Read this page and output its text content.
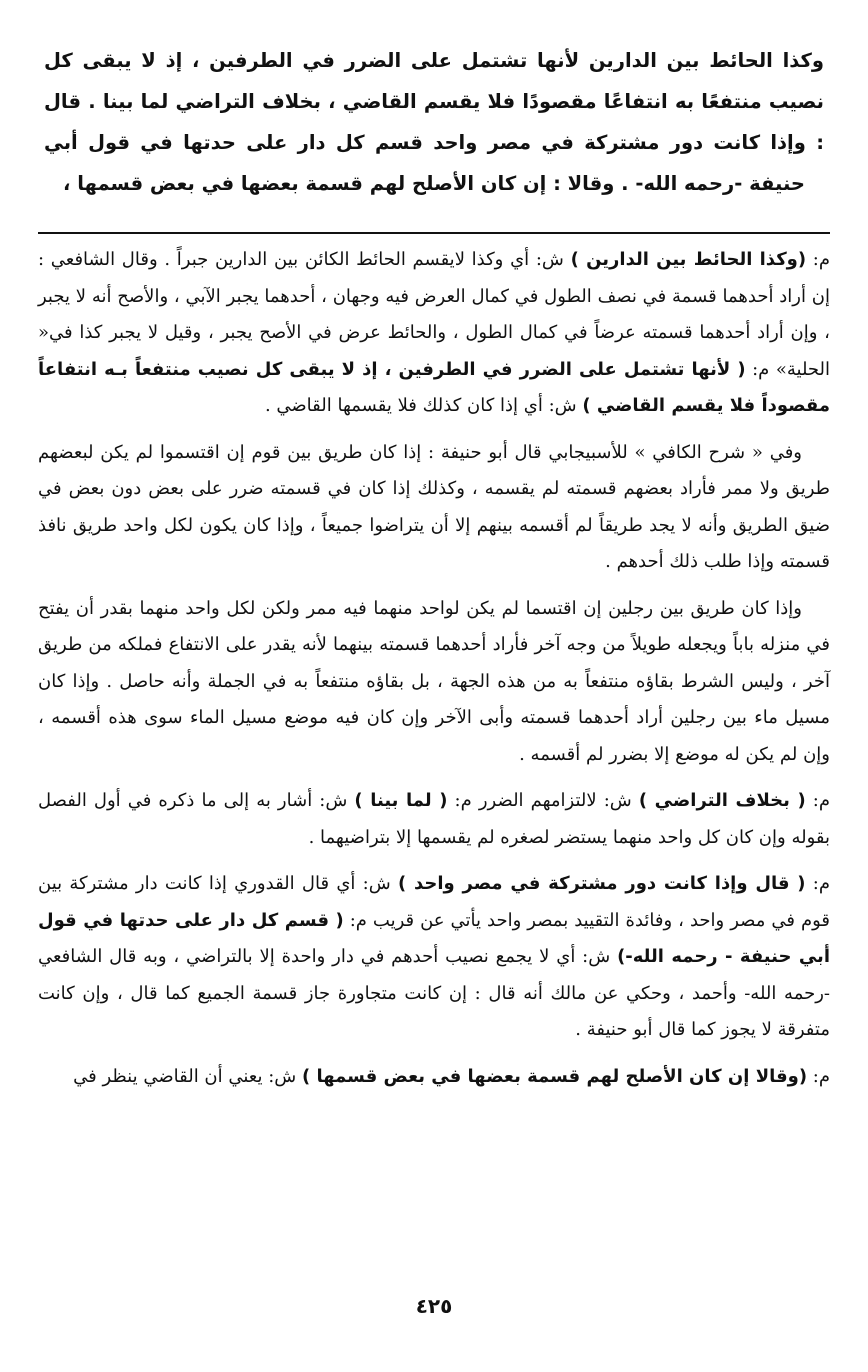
وكذا الحائط بين الدارين لأنها تشتمل على الضرر في الطرفين ، إذ لا يبقى كل نصيب منتفعًا به انتفاعًا مقصودًا فلا يقسم القاضي ، بخلاف التراضي لما بينا . قال : وإذا كانت دور مشتركة في مصر واحد قسم كل دار على حدتها في قول أبي حنيفة -رحمه الله- . وقالا : إن كان الأصلح لهم قسمة بعضها في بعض قسمها ،

م: (وكذا الحائط بين الدارين ) ش: أي وكذا لايقسم الحائط الكائن بين الدارين جبراً . وقال الشافعي : إن أراد أحدهما قسمة في نصف الطول في كمال العرض فيه وجهان ، أحدهما يجبر الآبي ، والأصح أنه لا يجبر ، وإن أراد أحدهما قسمته عرضاً في كمال الطول ، والحائط عرض في الأصح يجبر ، وقيل لا يجبر كذا في« الحلية» م: ( لأنها تشتمل على الضرر في الطرفين ، إذ لا يبقى كل نصيب منتفعاً بـه انتفاعاً مقصوداً فلا يقسم القاضي ) ش: أي إذا كان كذلك فلا يقسمها القاضي .

وفي « شرح الكافي » للأسبيجابي قال أبو حنيفة : إذا كان طريق بين قوم إن اقتسموا لم يكن لبعضهم طريق ولا ممر فأراد بعضهم قسمته لم يقسمه ، وكذلك إذا كان في قسمته ضرر على بعض دون بعض في ضيق الطريق وأنه لا يجد طريقاً لم أقسمه بينهم إلا أن يتراضوا جميعاً ، وإذا كان يكون لكل واحد طريق نافذ قسمته وإذا طلب ذلك أحدهم .

وإذا كان طريق بين رجلين إن اقتسما لم يكن لواحد منهما فيه ممر ولكن لكل واحد منهما بقدر أن يفتح في منزله باباً ويجعله طويلاً من وجه آخر فأراد أحدهما قسمته بينهما لأنه يقدر على الانتفاع فملكه من طريق آخر ، وليس الشرط بقاؤه منتفعاً به من هذه الجهة ، بل بقاؤه منتفعاً به في الجملة وأنه حاصل . وإذا كان مسيل ماء بين رجلين أراد أحدهما قسمته وأبى الآخر وإن كان فيه موضع مسيل الماء سوى هذه أقسمه ، وإن لم يكن له موضع إلا بضرر لم أقسمه .

م: ( بخلاف التراضي ) ش: لالتزامهم الضرر م: ( لما بينا ) ش: أشار به إلى ما ذكره في أول الفصل بقوله وإن كان كل واحد منهما يستضر لصغره لم يقسمها إلا بتراضيهما .

م: ( قال وإذا كانت دور مشتركة في مصر واحد ) ش: أي قال القدوري إذا كانت دار مشتركة بين قوم في مصر واحد ، وفائدة التقييد بمصر واحد يأتي عن قريب م: ( قسم كل دار على حدتها في قول أبي حنيفة - رحمه الله-) ش: أي لا يجمع نصيب أحدهم في دار واحدة إلا بالتراضي ، وبه قال الشافعي -رحمه الله- وأحمد ، وحكي عن مالك أنه قال : إن كانت متجاورة جاز قسمة الجميع كما قال ، وإن كانت متفرقة لا يجوز كما قال أبو حنيفة .

م: (وقالا إن كان الأصلح لهم قسمة بعضها في بعض قسمها ) ش: يعني أن القاضي ينظر في

٤٢٥
